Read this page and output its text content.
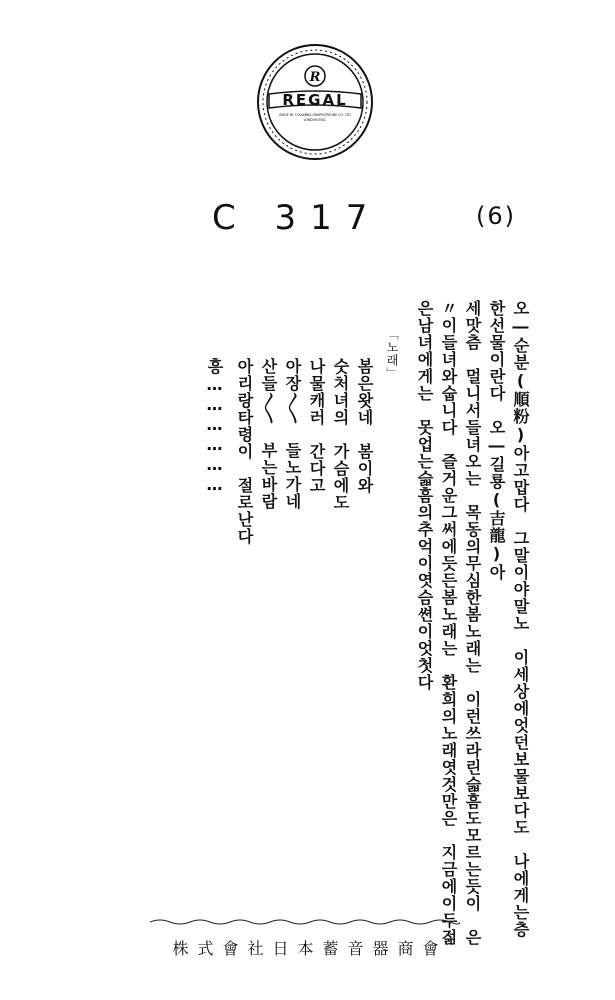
R
REGAL
MADE BY COLUMBIA GRAPHOPHONE CO. LTD
LONDON ENG.
C 317	(6)
오―순분(順粉)아고맙다　그말이야말노　이세상에엇던보물보다도　나에게는층
한선물이란다　오―길룡(吉龍)아
세맛츰　멀니서들녀오는　목동의무심한봄노래는　이런쓰라린슯흠도모르는듯이　은
〃이들녀와숩니다　즐거운그써에듯든봄노래는　환희의노래엿것만은　지금에이두젊
은남녀에게는　못업는슯흠의추억이엿슴쎤이엇첫다
「노래」
봄은왓네　봄이와
숫처녀의　가슴에도
나물캐러　간다고
아장〱　들노가네
산들〱　부는바람
아리랑타령이　절로난다
흥………………
株式會社日本蓄音器商會
